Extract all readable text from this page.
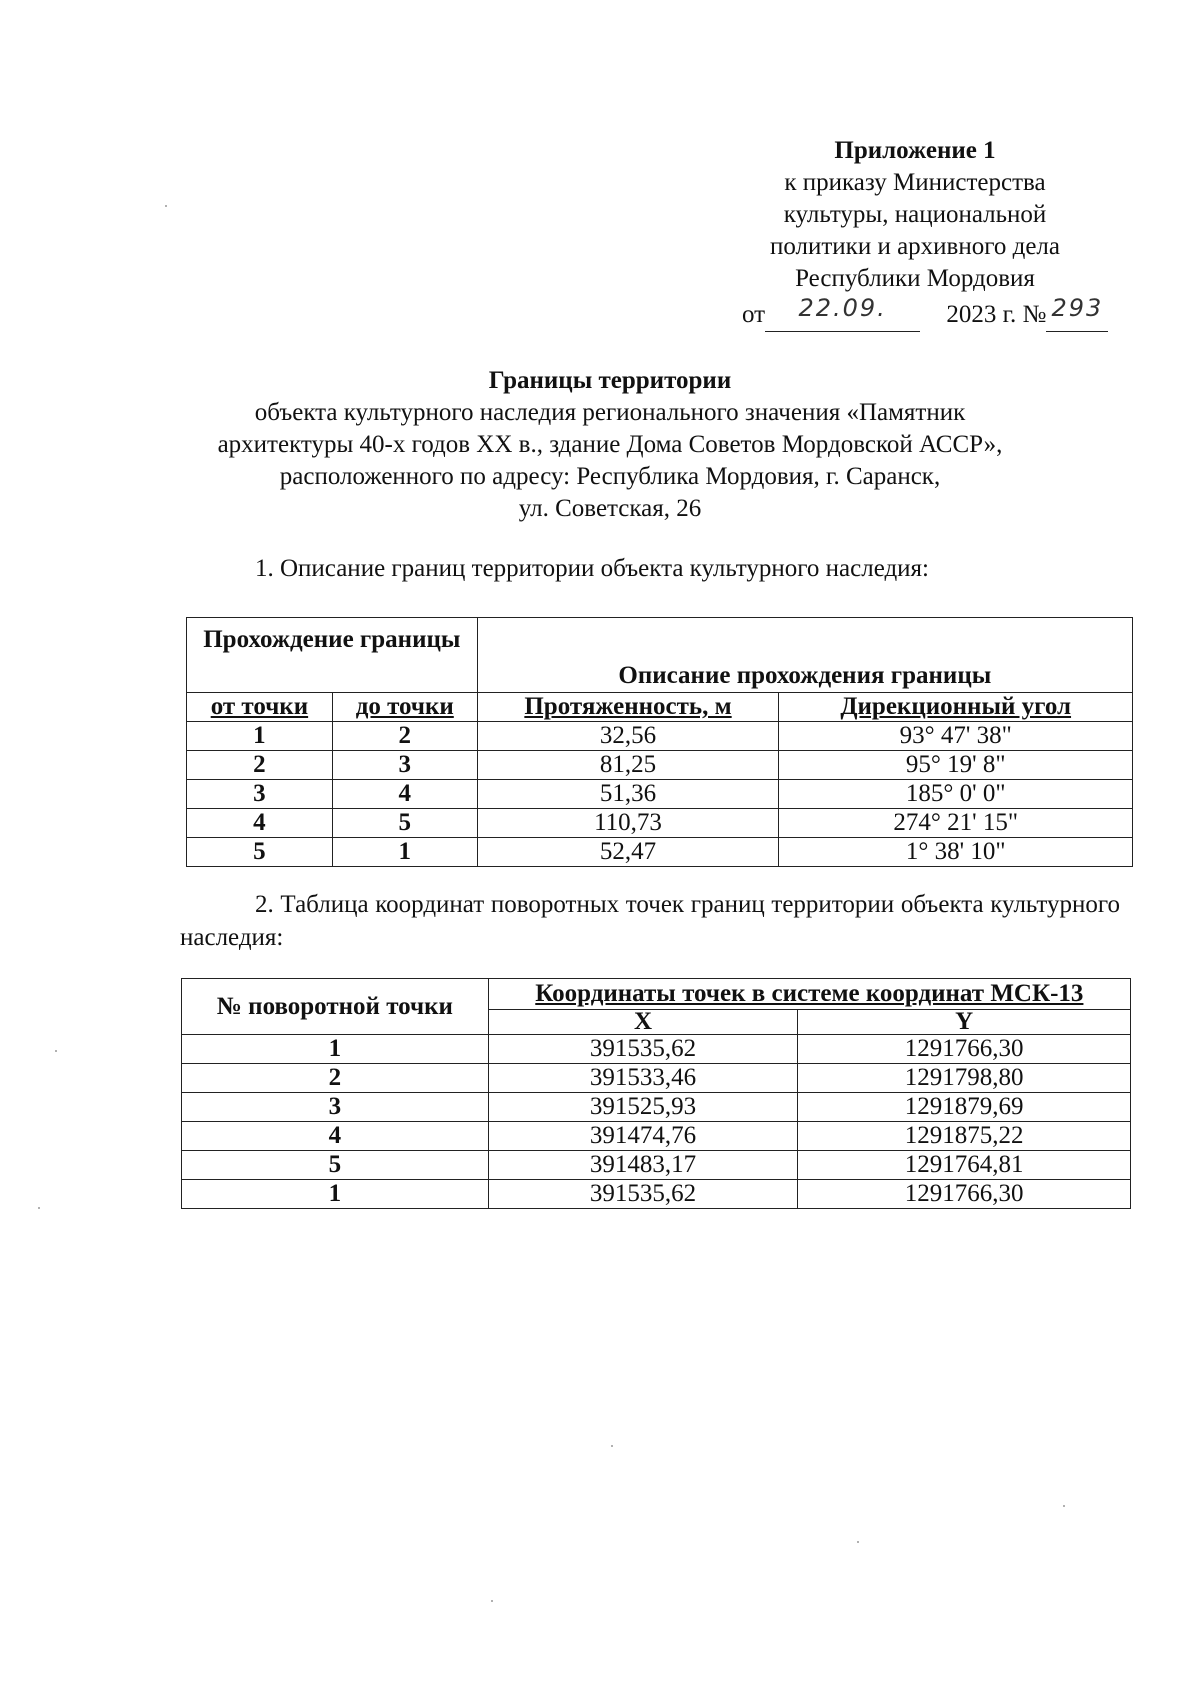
Приложение 1
к приказу Министерства
культуры, национальной
политики и архивного дела
Республики Мордовия
от 22.09. 2023 г. № 293
Границы территории
объекта культурного наследия регионального значения «Памятник
архитектуры 40-х годов XX в., здание Дома Советов Мордовской АССР»,
расположенного по адресу: Республика Мордовия, г. Саранск,
ул. Советская, 26
1. Описание границ территории объекта культурного наследия:
Прохождение границы		Описание прохождения границы	
от точки	до точки	Протяженность, м	Дирекционный угол
1	2	32,56	93° 47' 38"
2	3	81,25	95° 19' 8"
3	4	51,36	185° 0' 0"
4	5	110,73	274° 21' 15"
5	1	52,47	1° 38' 10"
2. Таблица координат поворотных точек границ территории объекта культурного наследия:
№ поворотной точки	Координаты точек в системе координат МСК-13	
	X	Y
1	391535,62	1291766,30
2	391533,46	1291798,80
3	391525,93	1291879,69
4	391474,76	1291875,22
5	391483,17	1291764,81
1	391535,62	1291766,30
